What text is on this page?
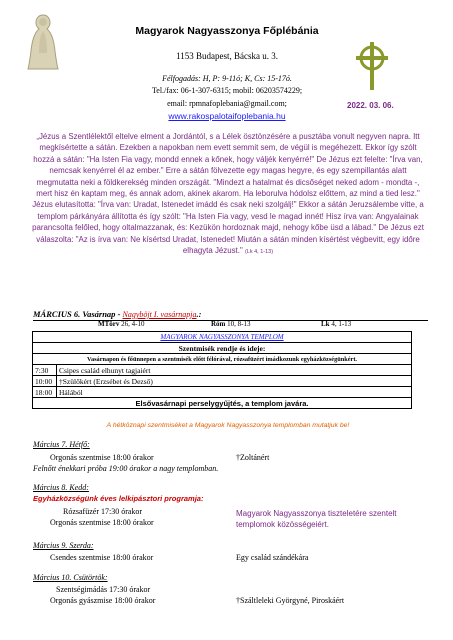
Magyarok Nagyasszonya Főplébánia
1153 Budapest, Bácska u. 3.
Félfogadás: H, P: 9-11ó; K, Cs: 15-17ó.
Tel./fax: 06-1-307-6315; mobil: 06203574229;
email: rpmnafoplebania@gmail.com;
www.rakospalotaifoplebania.hu
2022. 03. 06.
„Jézus a Szentlélektől eltelve elment a Jordántól, s a Lélek ösztönzésére a pusztába vonult negyven napra. Itt megkísértette a sátán. Ezekben a napokban nem evett semmit sem, de végül is megéhezett. Ekkor így szólt hozzá a sátán: "Ha Isten Fia vagy, mondd ennek a kőnek, hogy váljék kenyérré!" De Jézus ezt felelte: "Írva van, nemcsak kenyérrel él az ember." Erre a sátán fölvezette egy magas hegyre, és egy szempillantás alatt megmutatta neki a földkerekség minden országát. "Mindezt a hatalmat és dicsőséget neked adom - mondta -, mert hisz én kaptam meg, és annak adom, akinek akarom. Ha leborulva hódolsz előttem, az mind a tied lesz." Jézus elutasította: "Írva van: Uradat, Istenedet imádd és csak neki szolgálj!" Ekkor a sátán Jeruzsálembe vitte, a templom párkányára állította és így szólt: "Ha Isten Fia vagy, vesd le magad innét! Hisz írva van: Angyalainak parancsolta felőled, hogy oltalmazzanak, és: Kezükön hordoznak majd, nehogy kőbe üsd a lábad." De Jézus ezt válaszolta: "Az is írva van: Ne kísértsd Uradat, Istenedet! Miután a sátán minden kísértést végbevitt, egy időre elhagyta Jézust." (Lk 4, 1-13)
MÁRCIUS 6. Vasárnap - Nagyböjt I. vasárnapja.:
MTörv 26, 4-10	Róm 10, 8-13	Lk 4, 1-13
MAGYAROK NAGYASSZONYA TEMPLOM	
Szentmisék rendje és ideje:	
Vasárnapon és főünnepen a szentmisék előtt félórával, rózsafüzért imádkozunk egyházközségünkért.	
7:30	Csipes család elhunyt tagjaiért
10:00	†Szülőkért (Erzsébet és Dezső)
18:00	Hálából
Elsővasárnapi perselygyűjtés, a templom javára.	
A hétköznapi szentmiséket a Magyarok Nagyasszonya templomban mutatjuk be!
Március 7. Hétfő:
Orgonás szentmise 18:00 órakor	†Zoltánért
Felnőtt énekkari próba 19:00 órakor a nagy templomban.
Március 8. Kedd:
Egyházközségünk éves lelkipásztori programja:
Rózsafüzér 17:30 órakor
Orgonás szentmise 18:00 órakor
Magyarok Nagyasszonya tiszteletére szentelt templomok közösségeiért.
Március 9. Szerda:
Csendes szentmise 18:00 órakor	Egy család szándékára
Március 10. Csütörtök:
Szentségimádás 17:30 órakor
Orgonás gyászmise 18:00 órakor	†Száltleleki Györgyné, Piroskáért
